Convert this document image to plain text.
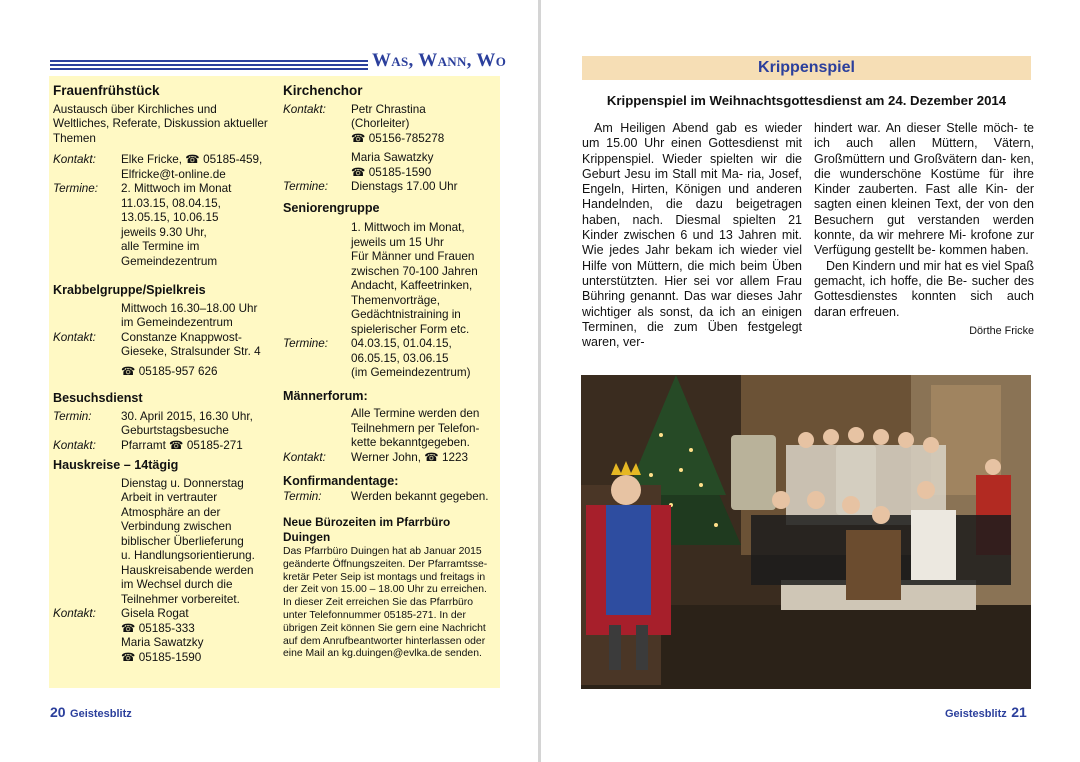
Was, Wann, Wo
Frauenfrühstück
Austausch über Kirchliches und Weltliches, Referate, Diskussion aktueller Themen
Kontakt:	Elke Fricke, ☎ 05185-459,
Elfricke@t-online.de
Termine:	2. Mittwoch im Monat
11.03.15, 08.04.15,
13.05.15, 10.06.15
jeweils 9.30 Uhr,
alle Termine im
Gemeindezentrum
Krabbelgruppe/Spielkreis
Mittwoch 16.30–18.00 Uhr
im Gemeindezentrum
Kontakt:	Constanze Knappwost-
Gieseke, Stralsunder Str. 4
☎ 05185-957 626
Besuchsdienst
Termin:	30. April 2015, 16.30 Uhr,
Geburtstagsbesuche
Kontakt:	Pfarramt ☎ 05185-271
Hauskreise – 14tägig
Dienstag u. Donnerstag
Arbeit in vertrauter
Atmosphäre an der
Verbindung zwischen
biblischer Überlieferung
u. Handlungsorientierung.
Hauskreisabende werden
im Wechsel durch die
Teilnehmer vorbereitet.
Kontakt:	Gisela Rogat
☎ 05185-333
Maria Sawatzky
☎ 05185-1590
Kirchenchor
Kontakt:	Petr Chrastina
(Chorleiter)
☎ 05156-785278
Maria Sawatzky
☎ 05185-1590
Termine:	Dienstags 17.00 Uhr
Seniorengruppe
1. Mittwoch im Monat,
jeweils um 15 Uhr
Für Männer und Frauen
zwischen 70-100 Jahren
Andacht, Kaffeetrinken,
Themenvorträge,
Gedächtnistraining in
spielerischer Form etc.
Termine:	04.03.15, 01.04.15,
06.05.15, 03.06.15
(im Gemeindezentrum)
Männerforum:
Alle Termine werden den
Teilnehmern per Telefon-
kette bekanntgegeben.
Kontakt:	Werner John, ☎ 1223
Konfirmandentage:
Termin:	Werden bekannt gegeben.
Neue Bürozeiten im Pfarrbüro Duingen
Das Pfarrbüro Duingen hat ab Januar 2015
geänderte Öffnungszeiten. Der Pfarramtsse-
kretär Peter Seip ist montags und freitags in
der Zeit von 15.00 – 18.00 Uhr zu erreichen.
In dieser Zeit erreichen Sie das Pfarrbüro
unter Telefonnummer 05185-271. In der
übrigen Zeit können Sie gern eine Nachricht
auf dem Anrufbeantworter hinterlassen oder
eine Mail an kg.duingen@evlka.de senden.
20 Geistesblitz
Krippenspiel
Krippenspiel im Weihnachtsgottesdienst am 24. Dezember 2014

Am Heiligen Abend gab es wieder um 15.00 Uhr einen Gottesdienst mit Krippenspiel. Wieder spielten wir die Geburt Jesu im Stall mit Ma- ria, Josef, Engeln, Hirten, Königen und anderen Handelnden, die dazu beigetragen haben, nach. Diesmal spielten 21 Kinder zwischen 6 und 13 Jahren mit. Wie jedes Jahr bekam ich wieder viel Hilfe von Müttern, die mich beim Üben unterstützten. Hier sei vor allem Frau Bühring genannt. Das war dieses Jahr wichtiger als sonst, da ich an einigen Terminen, die zum Üben festgelegt waren, ver-

hindert war. An dieser Stelle möch- te ich auch allen Müttern, Vätern, Großmüttern und Großvätern dan- ken, die wunderschöne Kostüme für ihre Kinder zauberten. Fast alle Kin- der sagten einen kleinen Text, der von den Besuchern gut verstanden werden konnte, da wir mehrere Mi- krofone zur Verfügung gestellt be- kommen haben.

Den Kindern und mir hat es viel Spaß gemacht, ich hoffe, die Be- sucher des Gottesdienstes konnten sich auch daran erfreuen.

Dörthe Fricke
Geistesblitz 21
